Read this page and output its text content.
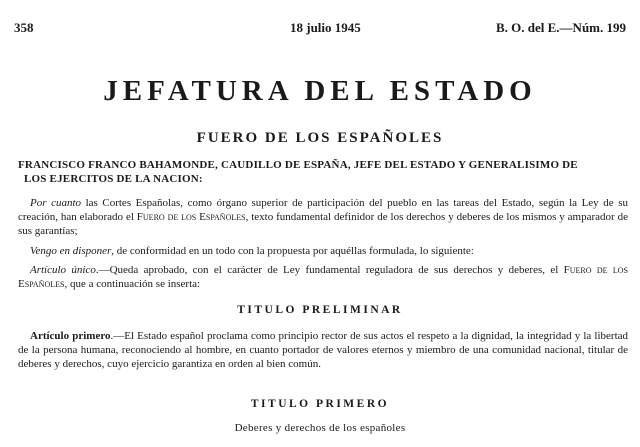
358	18 julio 1945	B. O. del E.—Núm. 199
JEFATURA DEL ESTADO
FUERO DE LOS ESPAÑOLES
FRANCISCO FRANCO BAHAMONDE, CAUDILLO DE ESPAÑA, JEFE DEL ESTADO Y GENERALISIMO DE
LOS EJERCITOS DE LA NACION:

Por cuanto las Cortes Españolas, como órgano superior de participación del pueblo en las tareas del Estado, según la Ley de su creación, han elaborado el Fuero de los Españoles, texto fundamental definidor de los derechos y deberes de los mismos y amparador de sus garantías;

Vengo en disponer, de conformidad en un todo con la propuesta por aquéllas formulada, lo siguiente:

Artículo único.—Queda aprobado, con el carácter de Ley fundamental reguladora de sus derechos y deberes, el Fuero de los Españoles, que a continuación se inserta:

TITULO PRELIMINAR

Artículo primero.—El Estado español proclama como principio rector de sus actos el respeto a la dignidad, la integridad y la libertad de la persona humana, reconociendo al hombre, en cuanto portador de valores eternos y miembro de una comunidad nacional, titular de deberes y derechos, cuyo ejercicio garantiza en orden al bien común.

TITULO PRIMERO
Deberes y derechos de los españoles
